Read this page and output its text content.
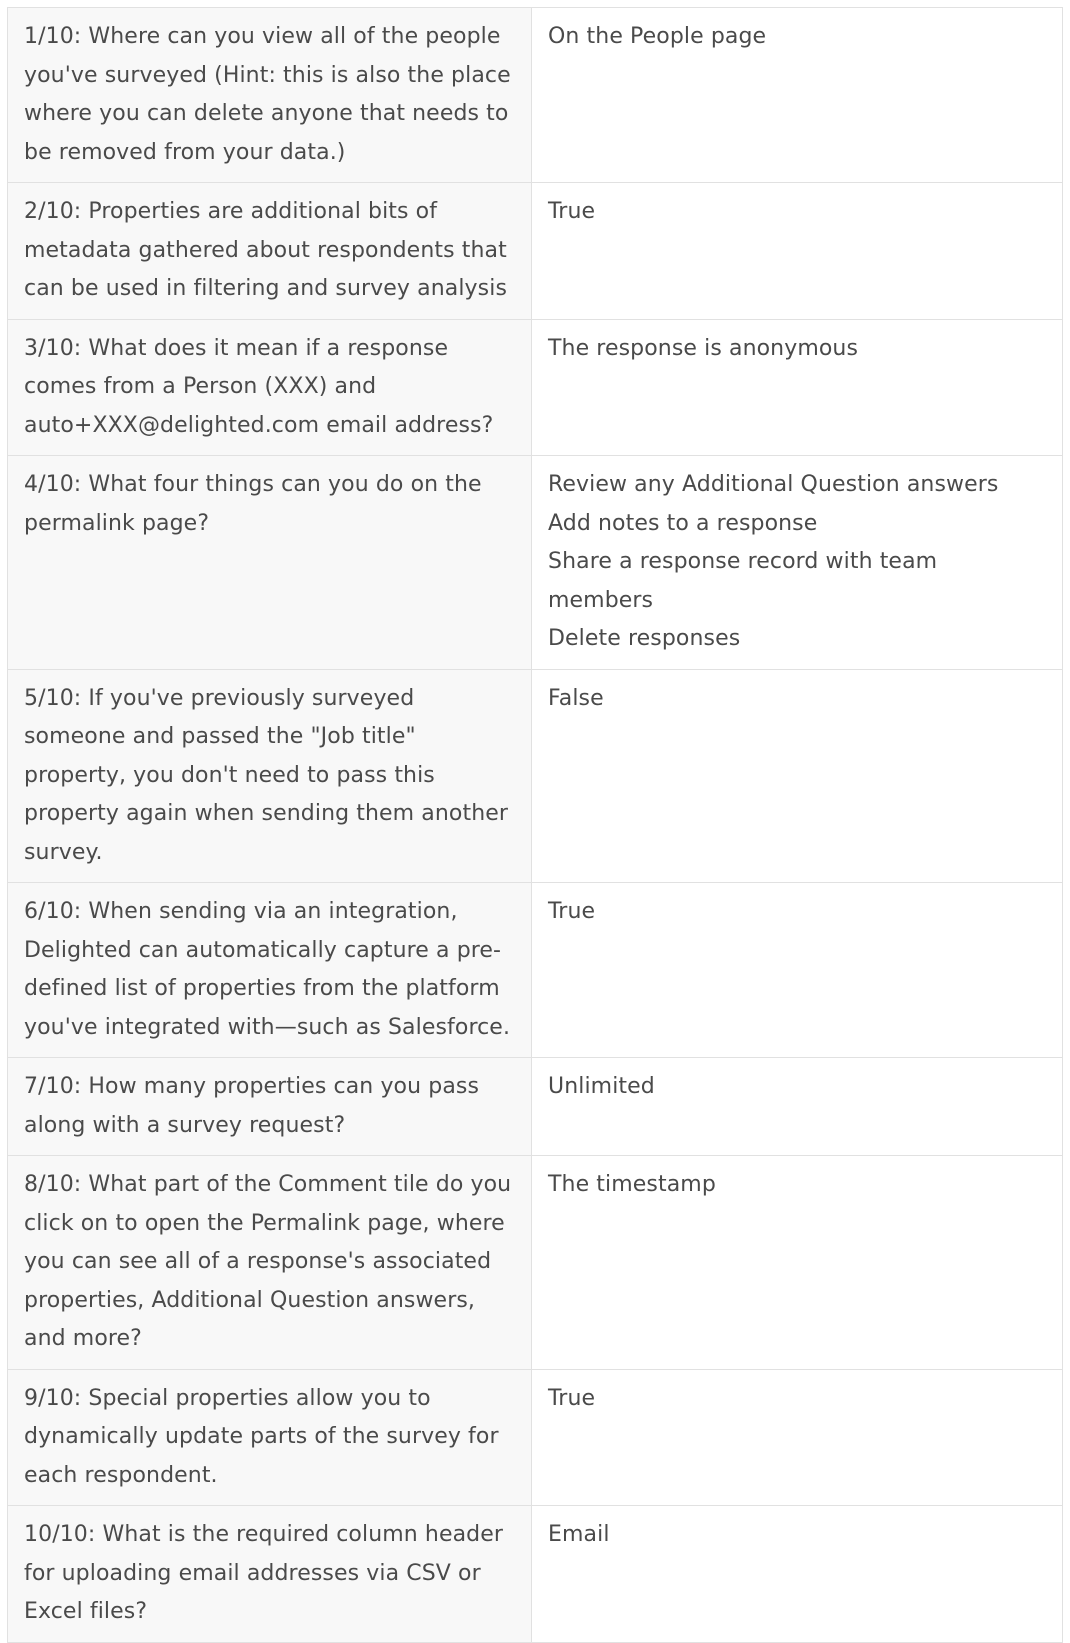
1/10: Where can you view all of the people you've surveyed (Hint: this is also the place where you can delete anyone that needs to be removed from your data.)	On the People page

2/10: Properties are additional bits of metadata gathered about respondents that can be used in filtering and survey analysis	True

3/10: What does it mean if a response comes from a Person (XXX) and auto+XXX@delighted.com email address?	The response is anonymous

4/10: What four things can you do on the permalink page?	Review any Additional Question answers
Add notes to a response
Share a response record with team members
Delete responses

5/10: If you've previously surveyed someone and passed the "Job title" property, you don't need to pass this property again when sending them another survey.	False

6/10: When sending via an integration, Delighted can automatically capture a pre-defined list of properties from the platform you've integrated with—such as Salesforce.	True

7/10: How many properties can you pass along with a survey request?	Unlimited

8/10: What part of the Comment tile do you click on to open the Permalink page, where you can see all of a response's associated properties, Additional Question answers, and more?	The timestamp

9/10: Special properties allow you to dynamically update parts of the survey for each respondent.	True

10/10: What is the required column header for uploading email addresses via CSV or Excel files?	Email
